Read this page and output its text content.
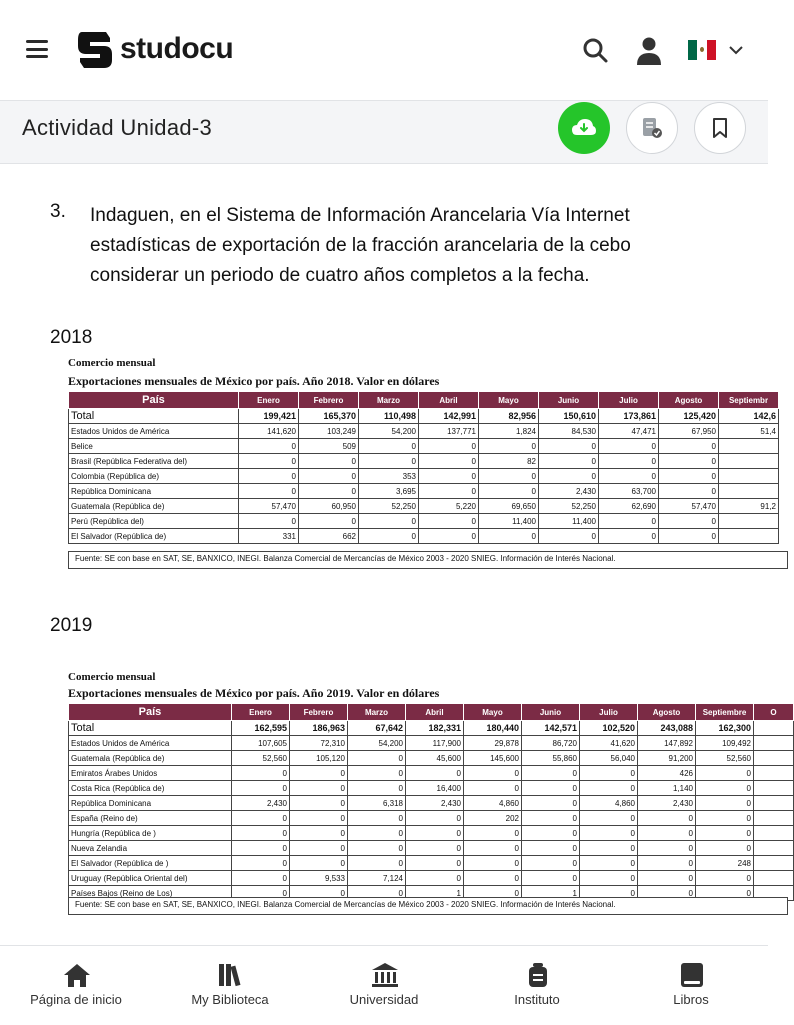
studocu
Actividad Unidad-3
3. Indaguen, en el Sistema de Información Arancelaria Vía Internet
estadísticas de exportación de la fracción arancelaria de la cebo
considerar un periodo de cuatro años completos a la fecha.
2018
Comercio mensual
Exportaciones mensuales de México por país. Año 2018. Valor en dólares
País	Enero	Febrero	Marzo	Abril	Mayo	Junio	Julio	Agosto	Septiembr
Total	199,421	165,370	110,498	142,991	82,956	150,610	173,861	125,420	142,6
Estados Unidos de América	141,620	103,249	54,200	137,771	1,824	84,530	47,471	67,950	51,4
Belice	0	509	0	0	0	0	0	0	
Brasil (República Federativa del)	0	0	0	0	82	0	0	0	
Colombia (República de)	0	0	353	0	0	0	0	0	
República Dominicana	0	0	3,695	0	0	2,430	63,700	0	
Guatemala (República de)	57,470	60,950	52,250	5,220	69,650	52,250	62,690	57,470	91,2
Perú (República del)	0	0	0	0	11,400	11,400	0	0	
El Salvador (República de)	331	662	0	0	0	0	0	0	
Fuente: SE con base en SAT, SE, BANXICO, INEGI. Balanza Comercial de Mercancías de México 2003 - 2020 SNIEG. Información de Interés Nacional.
2019
Comercio mensual
Exportaciones mensuales de México por país. Año 2019. Valor en dólares
País	Enero	Febrero	Marzo	Abril	Mayo	Junio	Julio	Agosto	Septiembre	O
Total	162,595	186,963	67,642	182,331	180,440	142,571	102,520	243,088	162,300	
Estados Unidos de América	107,605	72,310	54,200	117,900	29,878	86,720	41,620	147,892	109,492	
Guatemala (República de)	52,560	105,120	0	45,600	145,600	55,860	56,040	91,200	52,560	
Emiratos Árabes Unidos	0	0	0	0	0	0	0	426	0	
Costa Rica (República de)	0	0	0	16,400	0	0	0	1,140	0	
República Dominicana	2,430	0	6,318	2,430	4,860	0	4,860	2,430	0	
España (Reino de)	0	0	0	0	202	0	0	0	0	
Hungría (República de )	0	0	0	0	0	0	0	0	0	
Nueva Zelandia	0	0	0	0	0	0	0	0	0	
El Salvador (República de )	0	0	0	0	0	0	0	0	248	
Uruguay (República Oriental del)	0	9,533	7,124	0	0	0	0	0	0	
Países Bajos (Reino de Los)	0	0	0	1	0	1	0	0	0	
Fuente: SE con base en SAT, SE, BANXICO, INEGI. Balanza Comercial de Mercancías de México 2003 - 2020 SNIEG. Información de Interés Nacional.
Página de inicio	My Biblioteca	Universidad	Instituto	Libros
